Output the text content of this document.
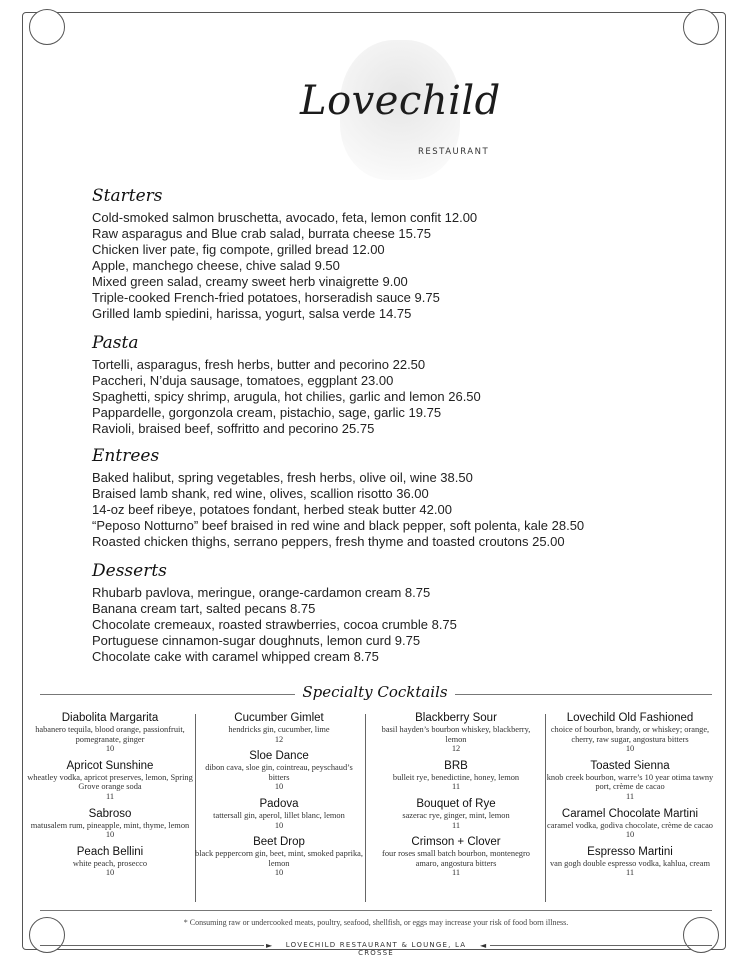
Lovechild
RESTAURANT
Starters
Cold-smoked salmon bruschetta, avocado, feta, lemon confit 12.00
Raw asparagus and Blue crab salad, burrata cheese 15.75
Chicken liver pate, fig compote, grilled bread 12.00
Apple, manchego cheese, chive salad 9.50
Mixed green salad, creamy sweet herb vinaigrette 9.00
Triple-cooked French-fried potatoes, horseradish sauce 9.75
Grilled lamb spiedini, harissa, yogurt, salsa verde 14.75
Pasta
Tortelli, asparagus, fresh herbs, butter and pecorino 22.50
Paccheri, N’duja sausage, tomatoes, eggplant 23.00
Spaghetti, spicy shrimp, arugula, hot chilies, garlic and lemon 26.50
Pappardelle, gorgonzola cream, pistachio, sage, garlic 19.75
Ravioli, braised beef, soffritto and pecorino 25.75
Entrees
Baked halibut, spring vegetables, fresh herbs, olive oil, wine 38.50
Braised lamb shank, red wine, olives, scallion risotto 36.00
14-oz beef ribeye, potatoes fondant, herbed steak butter 42.00
“Peposo Notturno” beef braised in red wine and black pepper, soft polenta, kale 28.50
Roasted chicken thighs, serrano peppers, fresh thyme and toasted croutons 25.00
Desserts
Rhubarb pavlova, meringue, orange-cardamon cream 8.75
Banana cream tart, salted pecans 8.75
Chocolate cremeaux, roasted strawberries, cocoa crumble 8.75
Portuguese cinnamon-sugar doughnuts, lemon curd 9.75
Chocolate cake with caramel whipped cream 8.75
Specialty Cocktails
Diabolita Margarita
habanero tequila, blood orange, passionfruit, pomegranate, ginger
10
Apricot Sunshine
wheatley vodka, apricot preserves, lemon, Spring Grove orange soda
11
Sabroso
matusalem rum, pineapple, mint, thyme, lemon
10
Peach Bellini
white peach, prosecco
10
Cucumber Gimlet
hendricks gin, cucumber, lime
12
Sloe Dance
dibon cava, sloe gin, cointreau, peyschaud’s bitters
10
Padova
tattersall gin, aperol, lillet blanc, lemon
10
Beet Drop
black peppercorn gin, beet, mint, smoked paprika, lemon
10
Blackberry Sour
basil hayden’s bourbon whiskey, blackberry, lemon
12
BRB
bulleit rye, benedictine, honey, lemon
11
Bouquet of Rye
sazerac rye, ginger, mint, lemon
11
Crimson + Clover
four roses small batch bourbon, montenegro amaro, angostura bitters
11
Lovechild Old Fashioned
choice of bourbon, brandy, or whiskey; orange, cherry, raw sugar, angostura bitters
10
Toasted Sienna
knob creek bourbon, warre’s 10 year otima tawny port, crème de cacao
11
Caramel Chocolate Martini
caramel vodka, godiva chocolate, crème de cacao
10
Espresso Martini
van gogh double espresso vodka, kahlua, cream
11
* Consuming raw or undercooked meats, poultry, seafood, shellfish, or eggs may increase your risk of food born illness.
►	LOVECHILD RESTAURANT & LOUNGE, LA CROSSE
◄
